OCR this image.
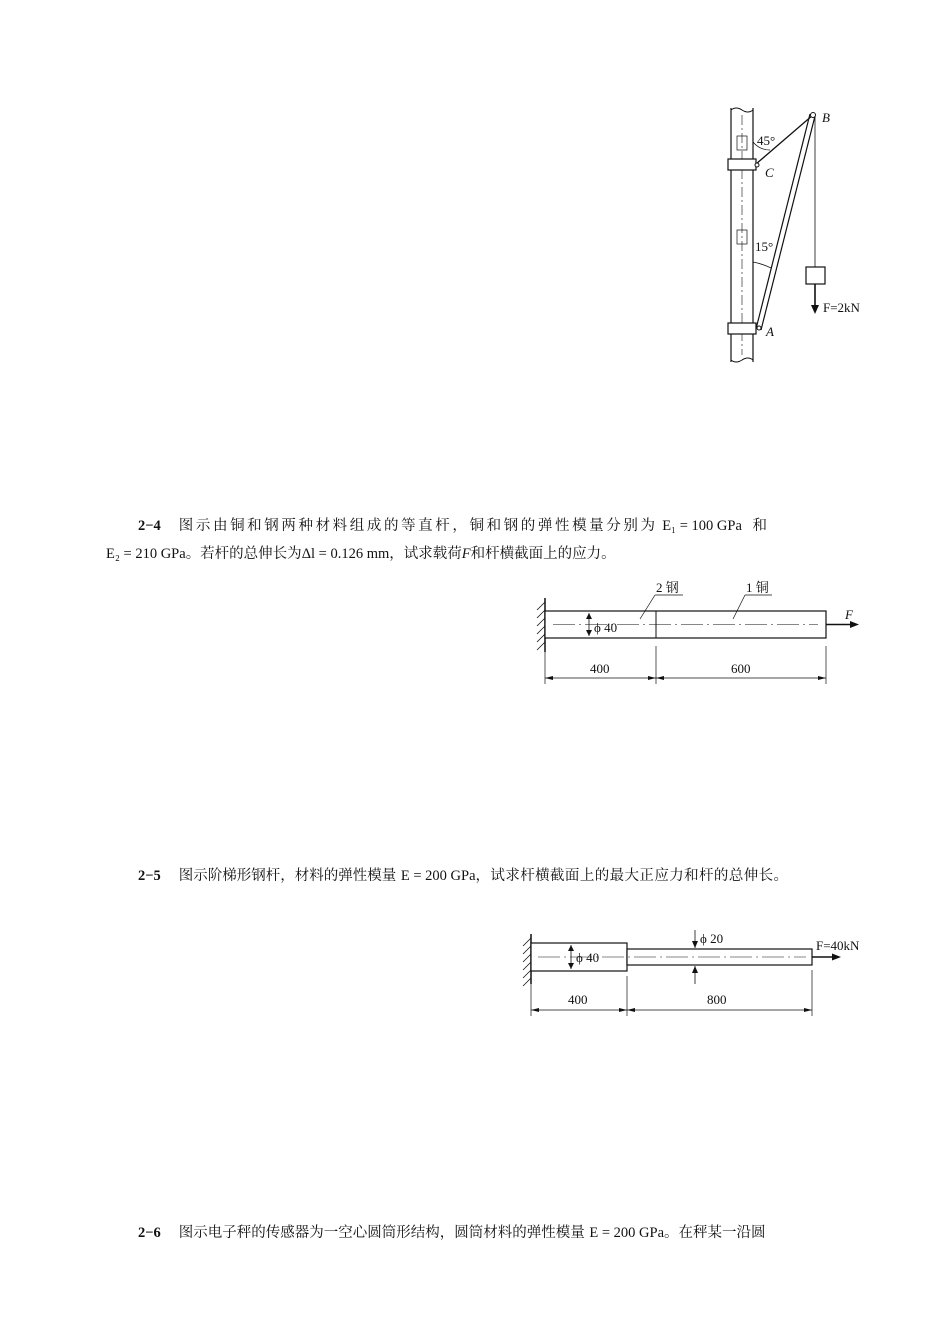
45°
15°
B
C
A
F=2kN
2−4 图示由铜和钢两种材料组成的等直杆，铜和钢的弹性模量分别为 E₁ = 100 GPa 和
E₂ = 210 GPa。若杆的总伸长为Δl = 0.126 mm，试求载荷F和杆横截面上的应力。
2 钢	1 铜
ϕ 40
F
400	600
2−5 图示阶梯形钢杆，材料的弹性模量 E = 200 GPa，试求杆横截面上的最大正应力和杆的总伸长。
ϕ 20
ϕ 40
F=40kN
400	800
2−6 图示电子秤的传感器为一空心圆筒形结构，圆筒材料的弹性模量 E = 200 GPa。在秤某一沿圆
